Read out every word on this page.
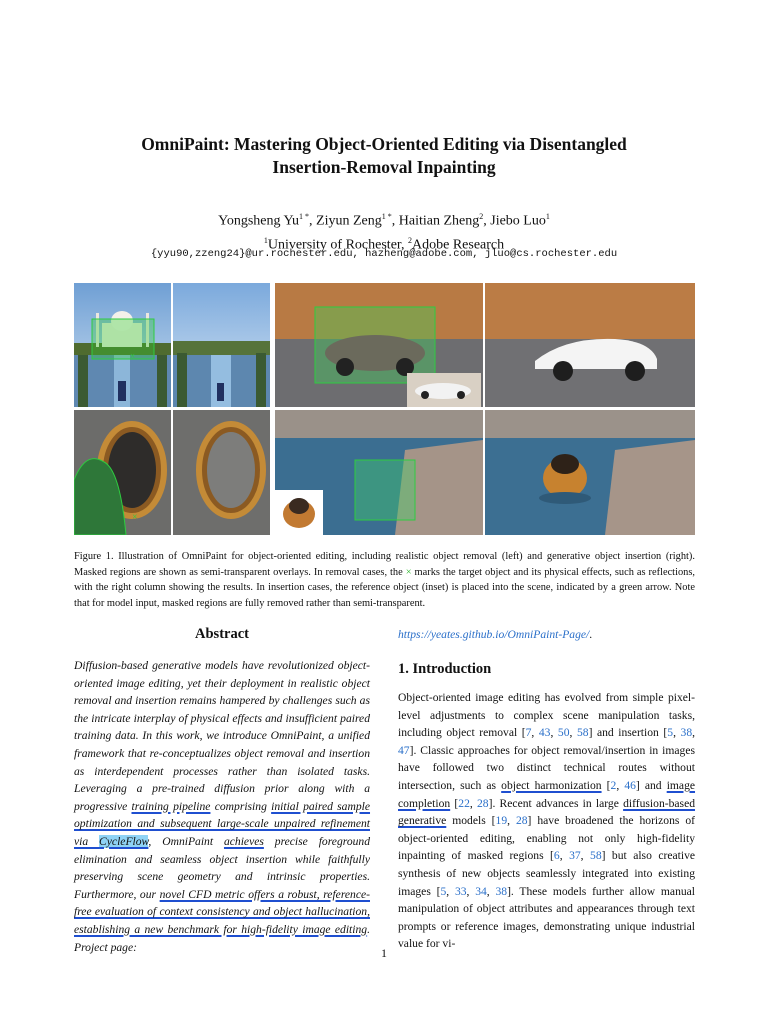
OmniPaint: Mastering Object-Oriented Editing via Disentangled
Insertion-Removal Inpainting
Yongsheng $Yu^{1 *}$, Ziyun Zeng$^{1 *}$, Haitian Zheng$^2$, Jiebo Luo$^1$
$^1$University of Rochester, $^2$Adobe Research
{yyu90,zzeng24}@ur.rochester.edu, hazheng@adobe.com, jluo@cs.rochester.edu
×
×
Figure 1. Illustration of OmniPaint for object-oriented editing, including realistic object removal (left) and generative object insertion (right). Masked regions are shown as semi-transparent overlays. In removal cases, the × marks the target object and its physical effects, such as reflections, with the right column showing the results. In insertion cases, the reference object (inset) is placed into the scene, indicated by a green arrow. Note that for model input, masked regions are fully removed rather than semi-transparent.
Abstract
Diffusion-based generative models have revolutionized object-oriented image editing, yet their deployment in realistic object removal and insertion remains hampered by challenges such as the intricate interplay of physical effects and insufficient paired training data. In this work, we introduce OmniPaint, a unified framework that re-conceptualizes object removal and insertion as interdependent processes rather than isolated tasks. Leveraging a pre-trained diffusion prior along with a progressive training pipeline comprising initial paired sample optimization and subsequent large-scale unpaired refinement via CycleFlow, OmniPaint achieves precise foreground elimination and seamless object insertion while faithfully preserving scene geometry and intrinsic properties. Furthermore, our novel CFD metric offers a robust, reference-free evaluation of context consistency and object hallucination, establishing a new benchmark for high-fidelity image editing. Project page:
https://yeates.github.io/OmniPaint-Page/.
1. Introduction
Object-oriented image editing has evolved from simple pixel-level adjustments to complex scene manipulation tasks, including object removal [7, 43, 50, 58] and insertion [5, 38, 47]. Classic approaches for object removal/insertion in images have followed two distinct technical routes without intersection, such as object harmonization [2, 46] and image completion [22, 28]. Recent advances in large diffusion-based generative models [19, 28] have broadened the horizons of object-oriented editing, enabling not only high-fidelity inpainting of masked regions [6, 37, 58] but also creative synthesis of new objects seamlessly integrated into existing images [5, 33, 34, 38]. These models further allow manual manipulation of object attributes and appearances through text prompts or reference images, demonstrating unique industrial value for vi-
1
